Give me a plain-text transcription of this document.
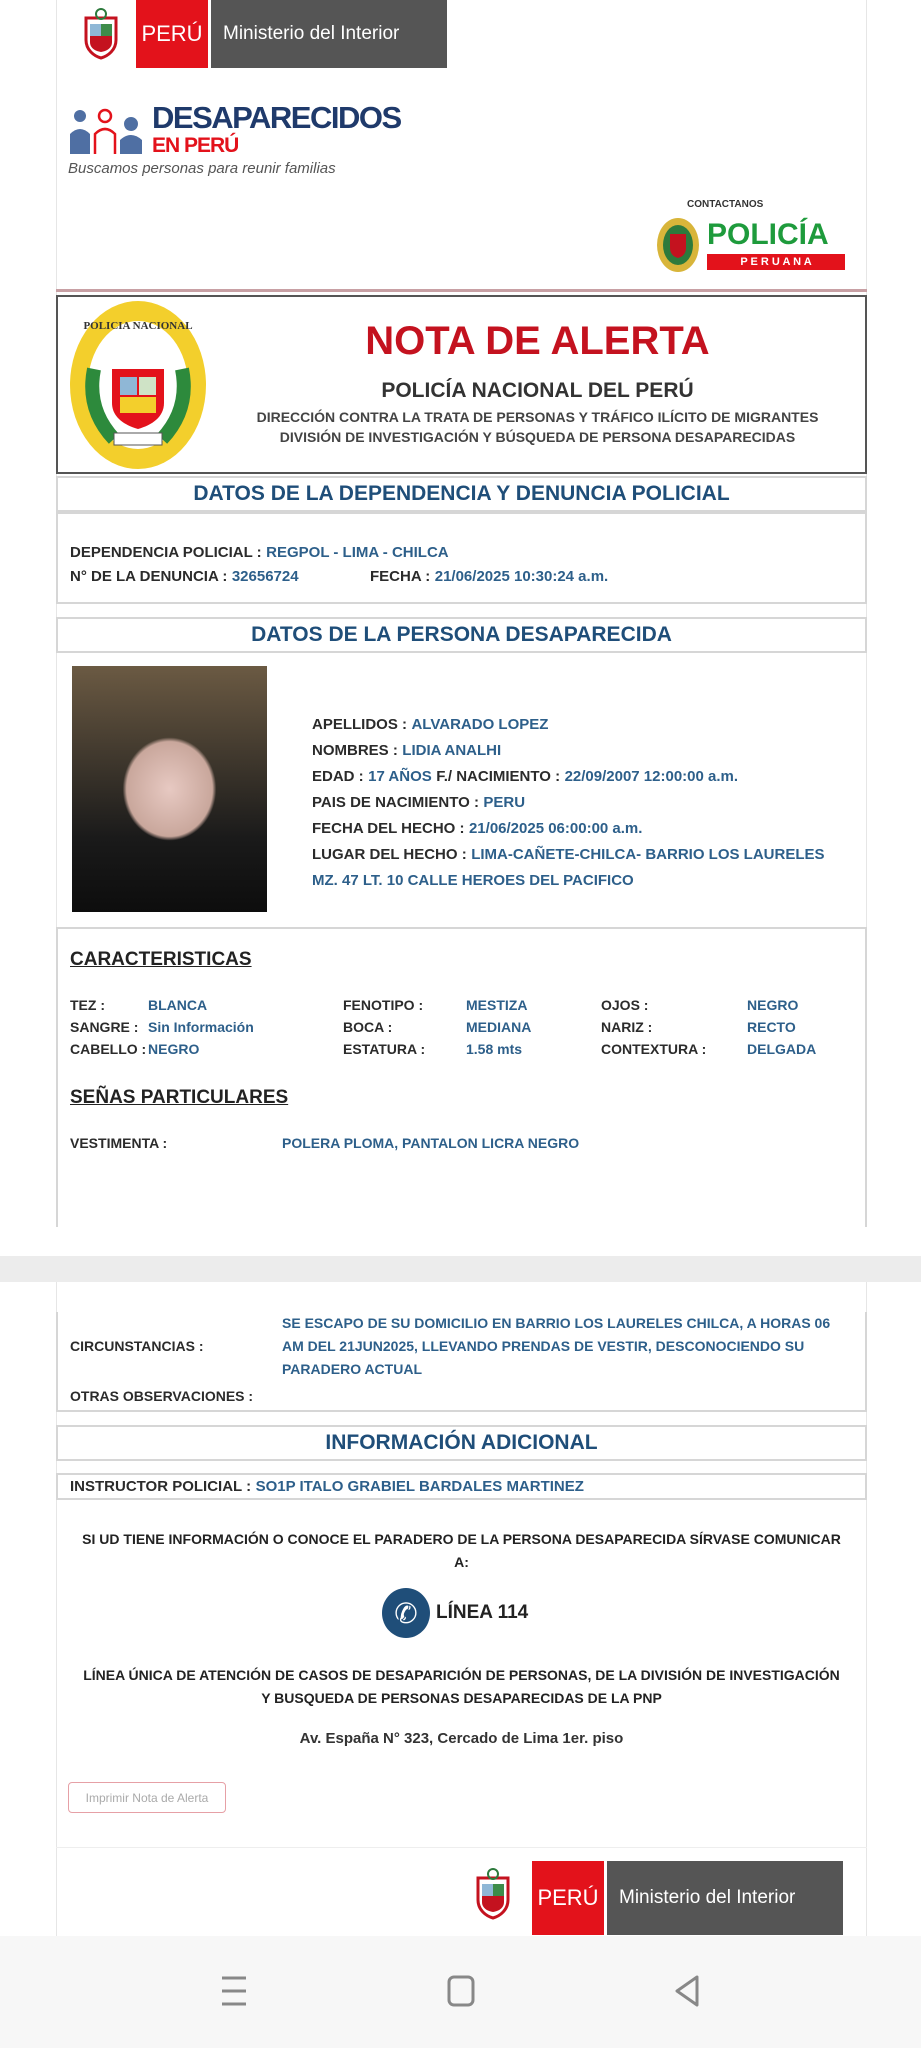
PERÚ	Ministerio del Interior
DESAPARECIDOS
EN PERÚ
Buscamos personas para reunir familias
CONTACTANOS
POLICÍA
P E R U A N A
POLICIA NACIONAL	NOTA DE ALERTA
POLICÍA NACIONAL DEL PERÚ
DIRECCIÓN CONTRA LA TRATA DE PERSONAS Y TRÁFICO ILÍCITO DE MIGRANTES
DIVISIÓN DE INVESTIGACIÓN Y BÚSQUEDA DE PERSONA DESAPARECIDAS
DATOS DE LA DEPENDENCIA Y DENUNCIA POLICIAL
DEPENDENCIA POLICIAL : REGPOL - LIMA - CHILCA
N° DE LA DENUNCIA : 32656724	FECHA : 21/06/2025 10:30:24 a.m.
DATOS DE LA PERSONA DESAPARECIDA
APELLIDOS : ALVARADO LOPEZ
NOMBRES : LIDIA ANALHI
EDAD : 17 AÑOS F./ NACIMIENTO : 22/09/2007 12:00:00 a.m.
PAIS DE NACIMIENTO : PERU
FECHA DEL HECHO : 21/06/2025 06:00:00 a.m.
LUGAR DEL HECHO : LIMA-CAÑETE-CHILCA- BARRIO LOS LAURELES
MZ. 47 LT. 10 CALLE HEROES DEL PACIFICO
CARACTERISTICAS
TEZ :	BLANCA	FENOTIPO :	MESTIZA	OJOS :	NEGRO
SANGRE :	Sin Información	BOCA :	MEDIANA	NARIZ :	RECTO
CABELLO :	NEGRO	ESTATURA :	1.58 mts	CONTEXTURA :	DELGADA
SEÑAS PARTICULARES
VESTIMENTA :	POLERA PLOMA, PANTALON LICRA NEGRO
CIRCUNSTANCIAS :
SE ESCAPO DE SU DOMICILIO EN BARRIO LOS LAURELES CHILCA, A HORAS 06
AM DEL 21JUN2025, LLEVANDO PRENDAS DE VESTIR, DESCONOCIENDO SU
PARADERO ACTUAL
OTRAS OBSERVACIONES :
INFORMACIÓN ADICIONAL
INSTRUCTOR POLICIAL : SO1P ITALO GRABIEL BARDALES MARTINEZ
SI UD TIENE INFORMACIÓN O CONOCE EL PARADERO DE LA PERSONA DESAPARECIDA SÍRVASE COMUNICAR
A:
✆ LÍNEA 114
LÍNEA ÚNICA DE ATENCIÓN DE CASOS DE DESAPARICIÓN DE PERSONAS, DE LA DIVISIÓN DE INVESTIGACIÓN
Y BUSQUEDA DE PERSONAS DESAPARECIDAS DE LA PNP
Av. España N° 323, Cercado de Lima 1er. piso
Imprimir Nota de Alerta
PERÚ	Ministerio del Interior
